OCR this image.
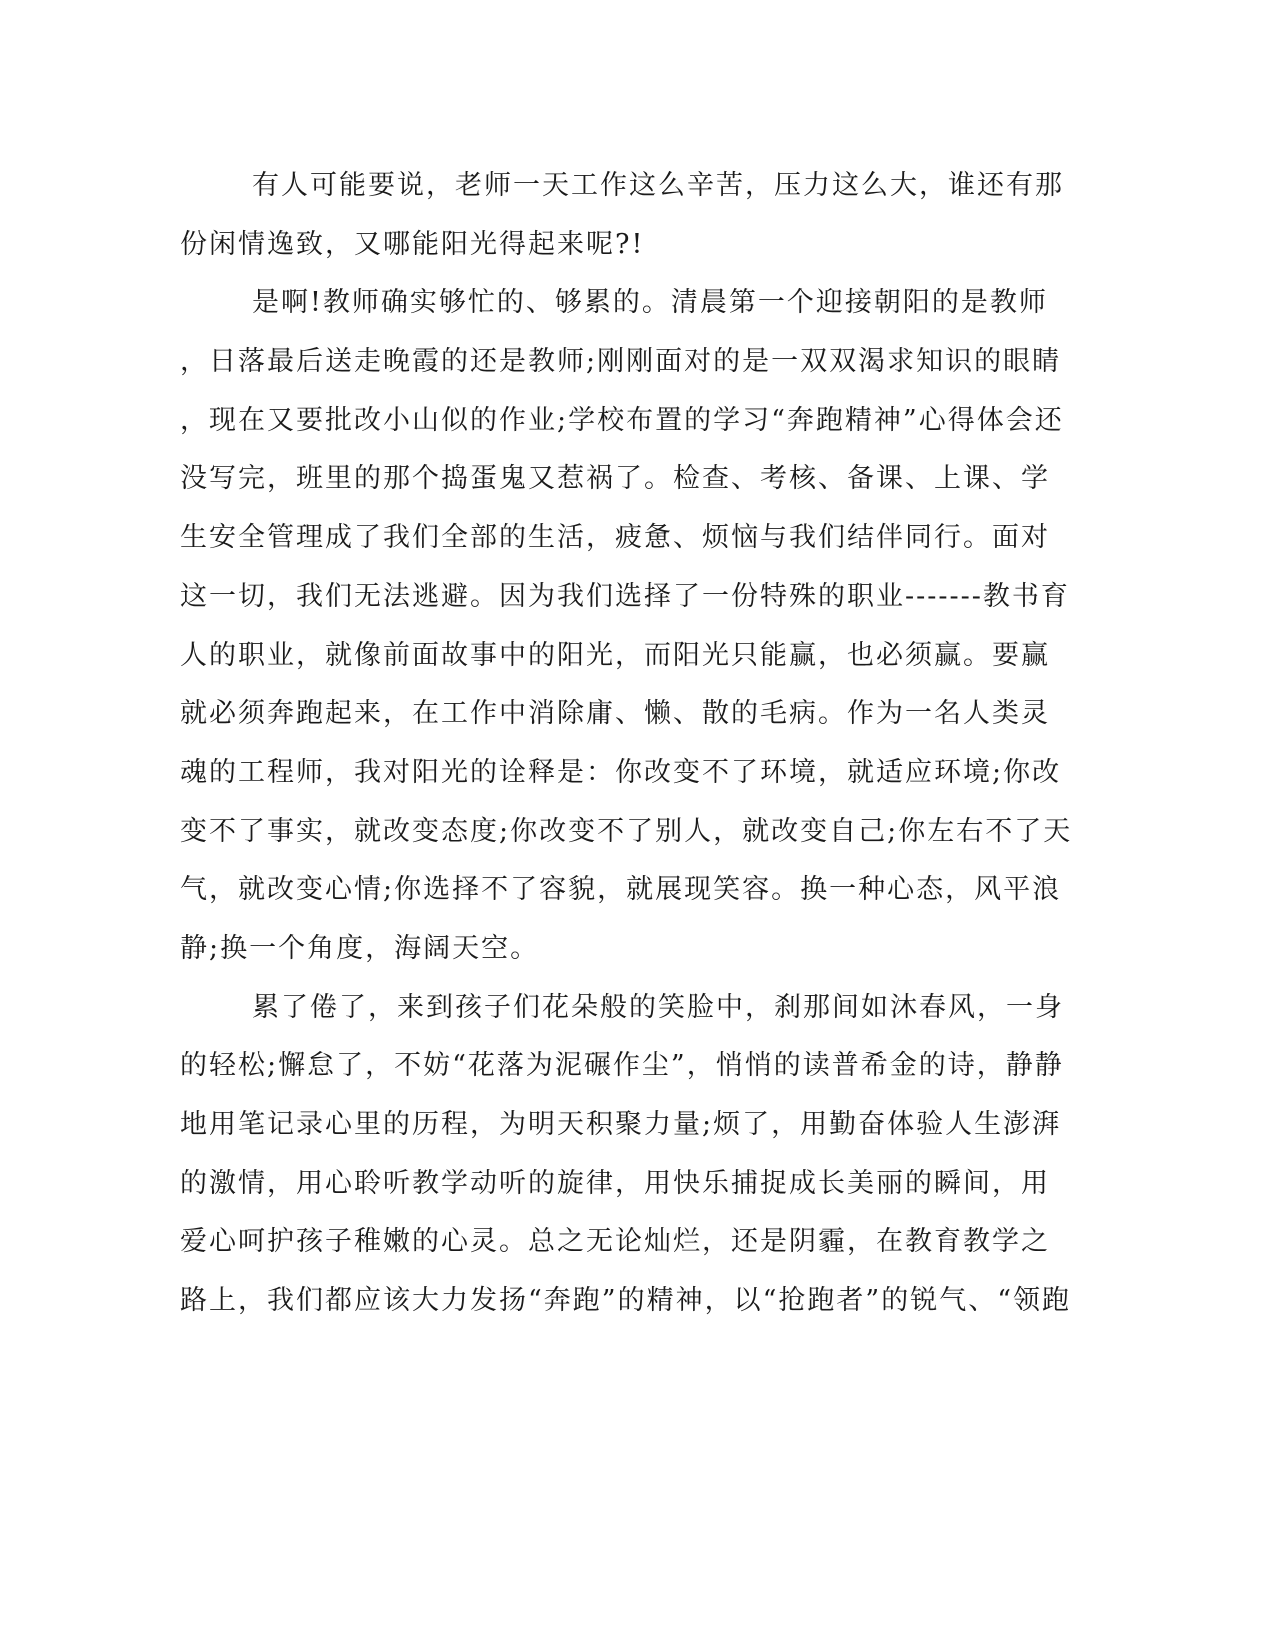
有人可能要说，老师一天工作这么辛苦，压力这么大，谁还有那
份闲情逸致，又哪能阳光得起来呢?!
是啊!教师确实够忙的、够累的。清晨第一个迎接朝阳的是教师
，日落最后送走晚霞的还是教师;刚刚面对的是一双双渴求知识的眼睛
，现在又要批改小山似的作业;学校布置的学习“奔跑精神”心得体会还
没写完，班里的那个捣蛋鬼又惹祸了。检查、考核、备课、上课、学
生安全管理成了我们全部的生活，疲惫、烦恼与我们结伴同行。面对
这一切，我们无法逃避。因为我们选择了一份特殊的职业-------教书育
人的职业，就像前面故事中的阳光，而阳光只能赢，也必须赢。要赢
就必须奔跑起来，在工作中消除庸、懒、散的毛病。作为一名人类灵
魂的工程师，我对阳光的诠释是：你改变不了环境，就适应环境;你改
变不了事实，就改变态度;你改变不了别人，就改变自己;你左右不了天
气，就改变心情;你选择不了容貌，就展现笑容。换一种心态，风平浪
静;换一个角度，海阔天空。
累了倦了，来到孩子们花朵般的笑脸中，刹那间如沐春风，一身
的轻松;懈怠了，不妨“花落为泥碾作尘”，悄悄的读普希金的诗，静静
地用笔记录心里的历程，为明天积聚力量;烦了，用勤奋体验人生澎湃
的激情，用心聆听教学动听的旋律，用快乐捕捉成长美丽的瞬间，用
爱心呵护孩子稚嫩的心灵。总之无论灿烂，还是阴霾，在教育教学之
路上，我们都应该大力发扬“奔跑”的精神，以“抢跑者”的锐气、“领跑
